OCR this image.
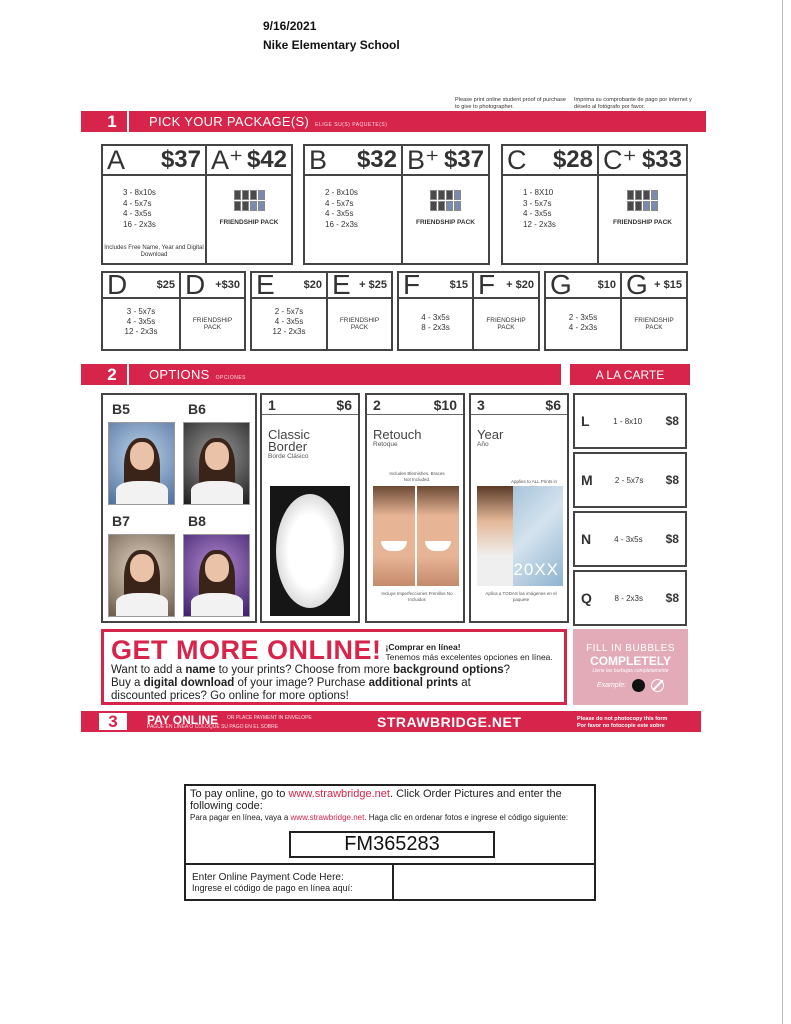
9/16/2021
Nike Elementary School
Please print online student proof of purchase to give to photographer.
Imprima su comprobante de pago por internet y déselo al fotógrafo por favor.
1	PICK YOUR PACKAGE(S) ELIGE SU(S) PAQUETE(S)
A $37
3 - 8x10s
4 - 5x7s
4 - 3x5s
16 - 2x3s
Includes Free Name, Year and Digital Download
A⁺ $42
FRIENDSHIP PACK
B $32
2 - 8x10s
4 - 5x7s
4 - 3x5s
16 - 2x3s
B⁺ $37
FRIENDSHIP PACK
C $28
1 - 8X10
3 - 5x7s
4 - 3x5s
12 - 2x3s
C⁺ $33
FRIENDSHIP PACK
D	$25
3 - 5x7s
4 - 3x5s
12 - 2x3s
D +$30
FRIENDSHIP PACK
E	$20
2 - 5x7s
4 - 3x5s
12 - 2x3s
E + $25
FRIENDSHIP PACK
F	$15
4 - 3x5s
8 - 2x3s
F + $20
FRIENDSHIP PACK
G $10
2 - 3x5s
4 - 2x3s
G + $15
FRIENDSHIP PACK
2	OPTIONS OPCIONES	A LA CARTE
B5	B6
B7	B8
1	$6
Classic Border
Borde Clásico
2	$10
Retouch
Retoque
Includes Blemishes. Braces Not Included.
Incluye Imperfecciones Frenillos No Incluidos
3	$6
Year
Año
Applies to ALL Prints in
20XX
Aplica a TODAS las imágenes en el paquete
L	1 - 8x10 $8
M	2 - 5x7s $8
N	4 - 3x5s $8
Q	8 - 2x3s $8
GET MORE ONLINE! ¡Comprar en línea!
Tenemos más excelentes opciones en línea.
Want to add a name to your prints? Choose from more background options?
Buy a digital download of your image? Purchase additional prints at
discounted prices? Go online for more options!
FILL IN BUBBLES
COMPLETELY
Llene las burbujas completamente
Example:
3	PAY ONLINE OR PLACE PAYMENT IN ENVELOPE
PAGUE EN LÍNEA O COLOQUE SU PAGO EN EL SOBRE	STRAWBRIDGE.NET	Please do not photocopy this form
Por favor no fotocopie este sobre
To pay online, go to www.strawbridge.net. Click Order Pictures and enter the following code:
Para pagar en línea, vaya a www.strawbridge.net. Haga clic en ordenar fotos e ingrese el código siguiente:
FM365283
Enter Online Payment Code Here:
Ingrese el código de pago en línea aquí:
